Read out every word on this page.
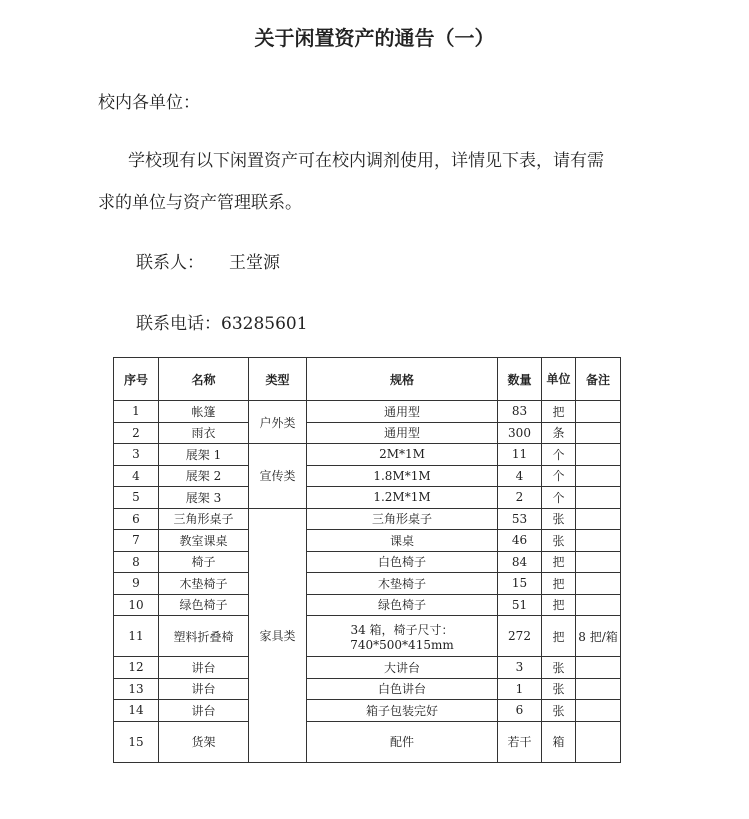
关于闲置资产的通告（一）
校内各单位：
学校现有以下闲置资产可在校内调剂使用，详情见下表，请有需
求的单位与资产管理联系。
联系人： 王堂源
联系电话：63285601
序号	名称	类型	规格	数量	单位	备注
1	帐篷	户外类	通用型	83	把	
2	雨衣		通用型	300	条	
3	展架 1	宣传类	2M*1M	11	个	
4	展架 2		1.8M*1M	4	个	
5	展架 3		1.2M*1M	2	个	
6	三角形桌子	家具类	三角形桌子	53	张	
7	教室课桌		课桌	46	张	
8	椅子		白色椅子	84	把	
9	木垫椅子		木垫椅子	15	把	
10	绿色椅子		绿色椅子	51	把	
11	塑料折叠椅		34 箱，椅子尺寸：740*500*415mm	272	把	8 把/箱
12	讲台		大讲台	3	张	
13	讲台		白色讲台	1	张	
14	讲台		箱子包装完好	6	张	
15	货架		配件	若干	箱	
